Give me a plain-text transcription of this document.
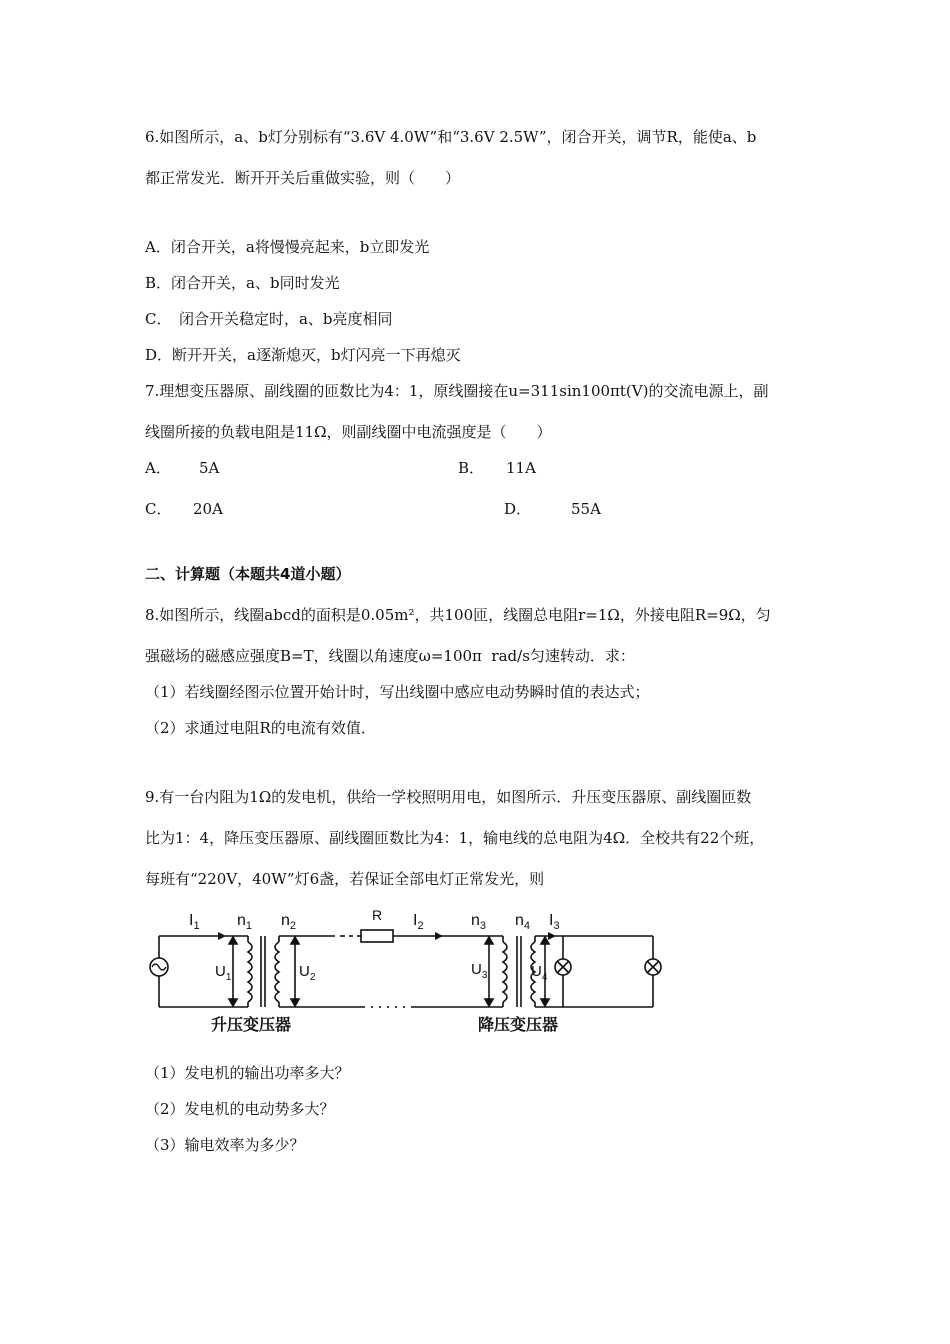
6.如图所示，a、b灯分别标有“3.6V 4.0W”和“3.6V 2.5W”，闭合开关，调节R，能使a、b
都正常发光．断开开关后重做实验，则（　　）
A．闭合开关，a将慢慢亮起来，b立即发光
B．闭合开关，a、b同时发光
C．　闭合开关稳定时，a、b亮度相同
D．断开开关，a逐渐熄灭，b灯闪亮一下再熄灭
7.理想变压器原、副线圈的匝数比为4：1，原线圈接在u=311sin100πt(V)的交流电源上，副
线圈所接的负载电阻是11Ω，则副线圈中电流强度是（　　）
A． 5A	B． 11A
C． 20A	D．	55A
二、计算题（本题共4道小题）
8.如图所示，线圈abcd的面积是0.05m²，共100匝，线圈总电阻r=1Ω，外接电阻R=9Ω，匀
强磁场的磁感应强度B=T，线圈以角速度ω=100π  rad/s匀速转动．求：
（1）若线圈经图示位置开始计时，写出线圈中感应电动势瞬时值的表达式；
（2）求通过电阻R的电流有效值．
9.有一台内阻为1Ω的发电机，供给一学校照明用电，如图所示．升压变压器原、副线圈匝数
比为1：4，降压变压器原、副线圈匝数比为4：1，输电线的总电阻为4Ω．全校共有22个班，
每班有“220V，40W”灯6盏，若保证全部电灯正常发光，则
$I_1$ $n_1$ $n_2$
R $I_2$	$n_3$ $n_4$ $I_3$
$U_1$	$U_2$	$U_3$	$U_4$
升压变压器	降压变压器
（1）发电机的输出功率多大？
（2）发电机的电动势多大？
（3）输电效率为多少？
